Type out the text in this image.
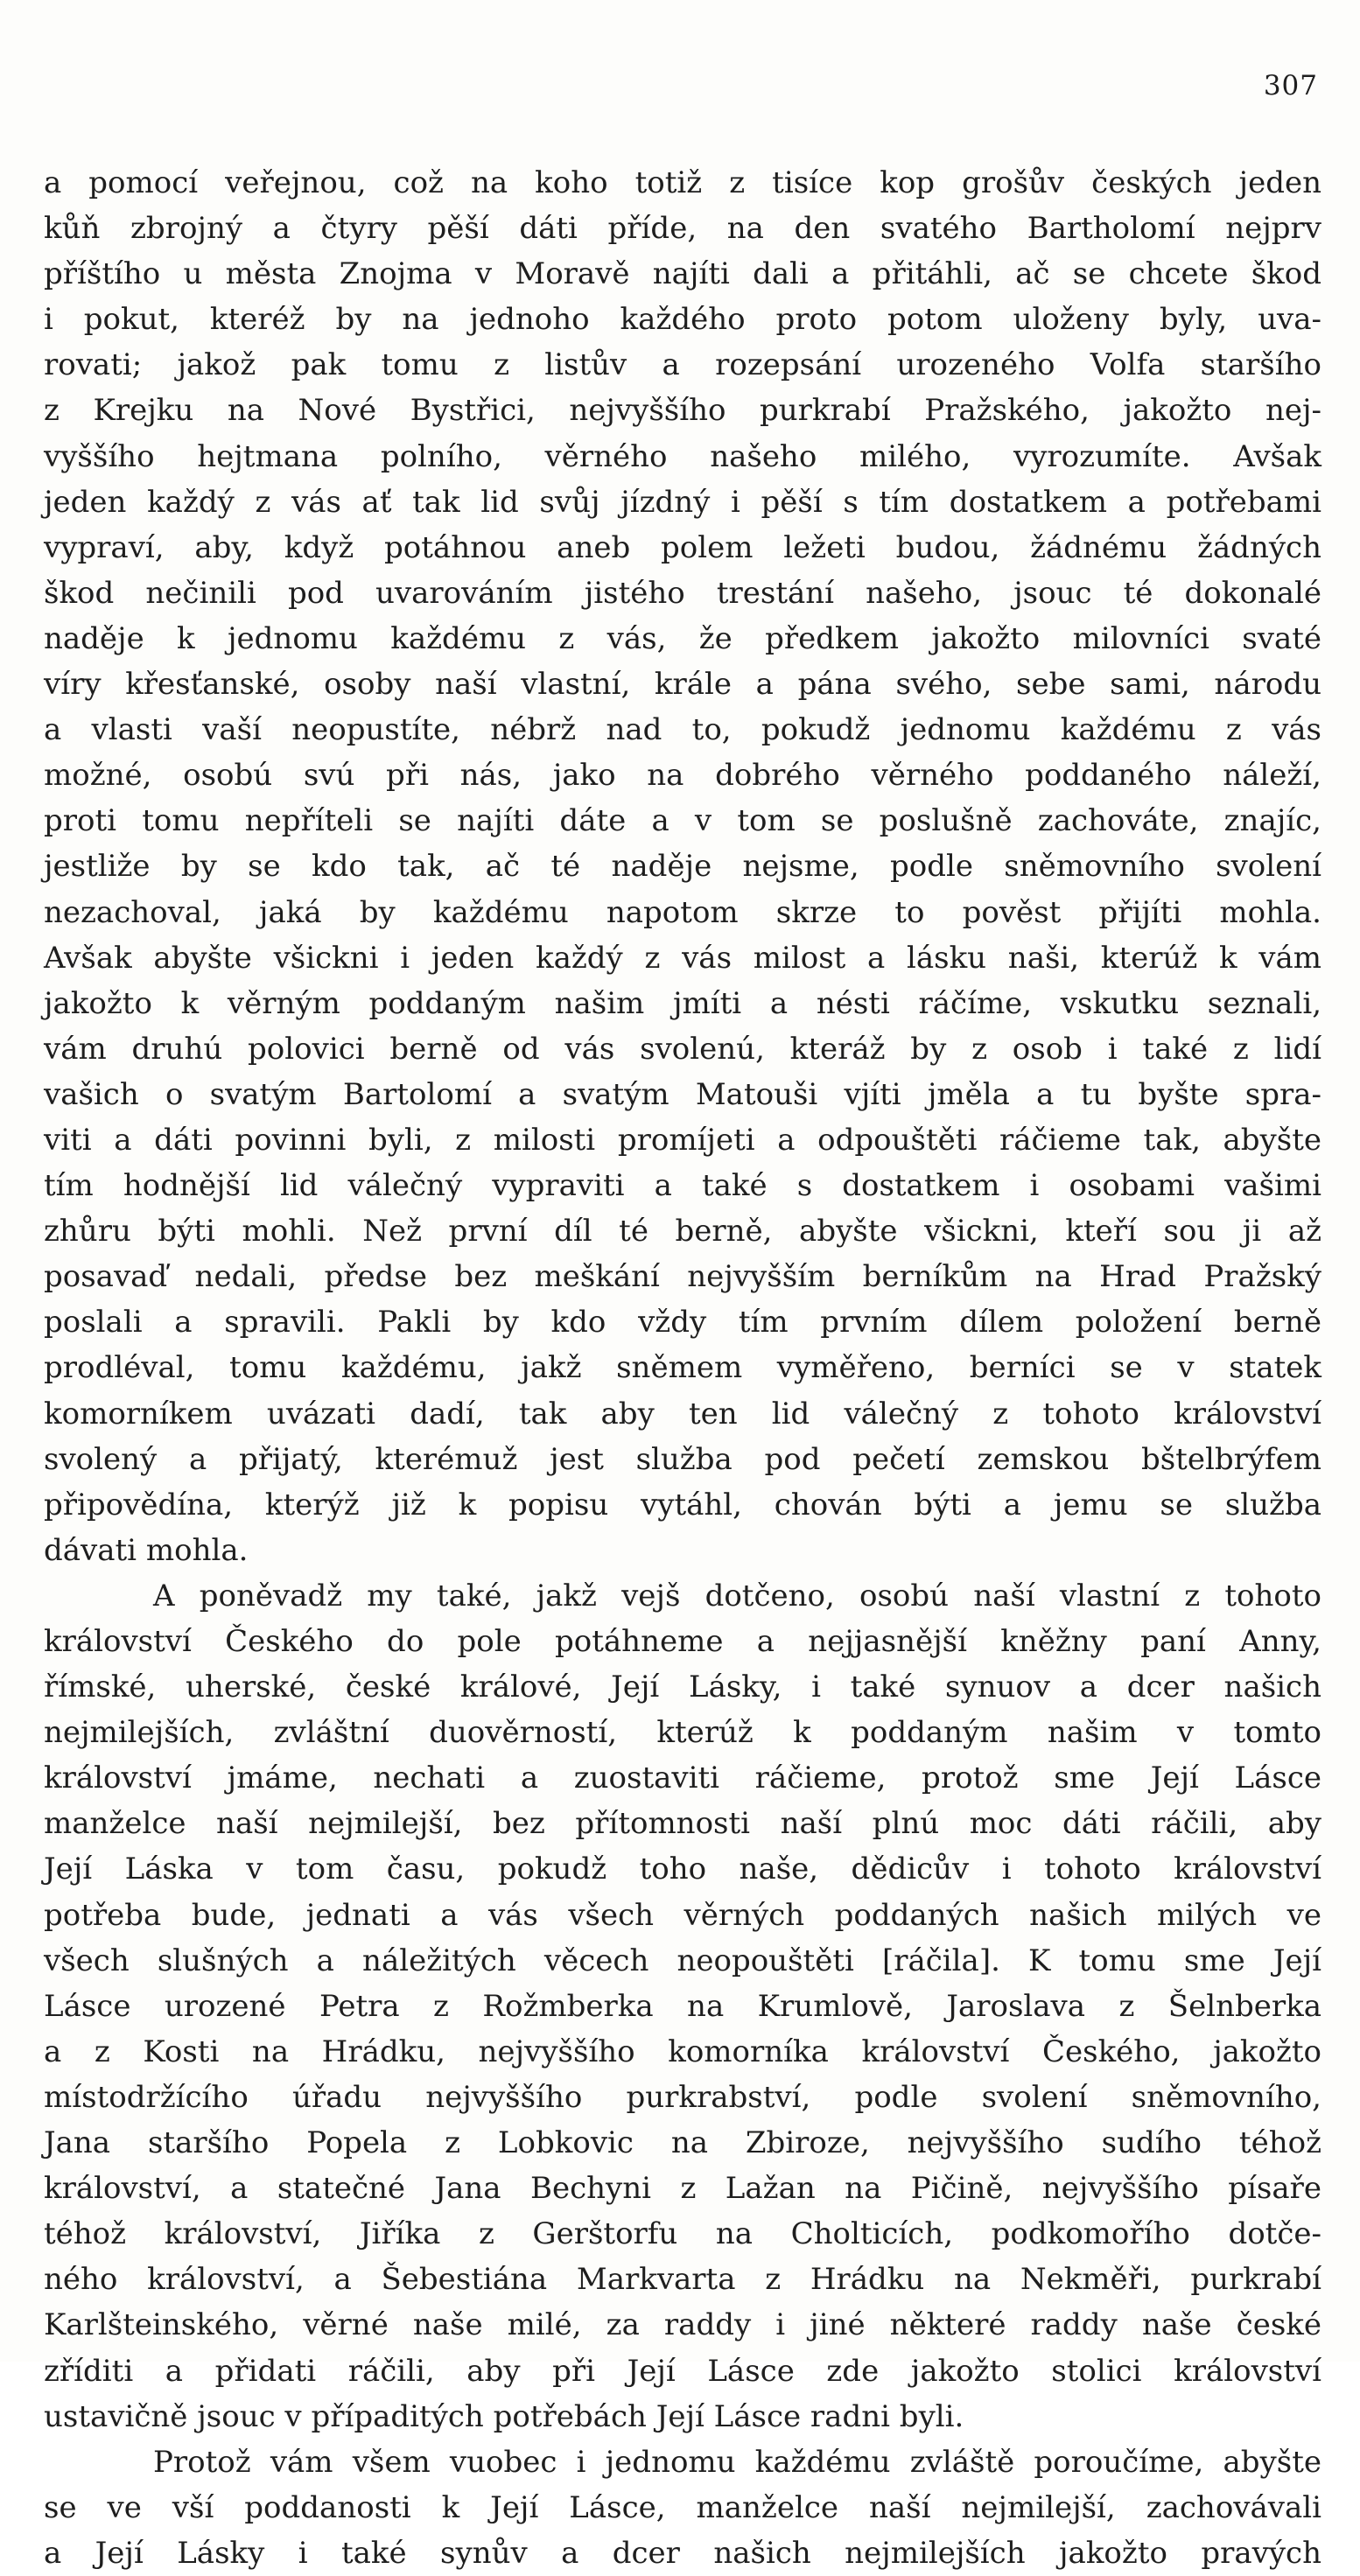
307
a pomocí veřejnou, což na koho totiž z tisíce kop grošův českých jeden
kůň zbrojný a čtyry pěší dáti příde, na den svatého Bartholomí nejprv
příštího u města Znojma v Moravě najíti dali a přitáhli, ač se chcete škod
i pokut, kteréž by na jednoho každého proto potom uloženy byly, uva-
rovati; jakož pak tomu z listův a rozepsání urozeného Volfa staršího
z Krejku na Nové Bystřici, nejvyššího purkrabí Pražského, jakožto nej-
vyššího hejtmana polního, věrného našeho milého, vyrozumíte. Avšak
jeden každý z vás ať tak lid svůj jízdný i pěší s tím dostatkem a potřebami
vypraví, aby, když potáhnou aneb polem ležeti budou, žádnému žádných
škod nečinili pod uvarováním jistého trestání našeho, jsouc té dokonalé
naděje k jednomu každému z vás, že předkem jakožto milovníci svaté
víry křesťanské, osoby naší vlastní, krále a pána svého, sebe sami, národu
a vlasti vaší neopustíte, nébrž nad to, pokudž jednomu každému z vás
možné, osobú svú při nás, jako na dobrého věrného poddaného náleží,
proti tomu nepříteli se najíti dáte a v tom se poslušně zachováte, znajíc,
jestliže by se kdo tak, ač té naděje nejsme, podle sněmovního svolení
nezachoval, jaká by každému napotom skrze to pověst přijíti mohla.
Avšak abyšte všickni i jeden každý z vás milost a lásku naši, kterúž k vám
jakožto k věrným poddaným našim jmíti a nésti ráčíme, vskutku seznali,
vám druhú polovici berně od vás svolenú, kteráž by z osob i také z lidí
vašich o svatým Bartolomí a svatým Matouši vjíti jměla a tu byšte spra-
viti a dáti povinni byli, z milosti promíjeti a odpouštěti ráčieme tak, abyšte
tím hodnější lid válečný vypraviti a také s dostatkem i osobami vašimi
zhůru býti mohli. Než první díl té berně, abyšte všickni, kteří sou ji až
posavaď nedali, předse bez meškání nejvyšším berníkům na Hrad Pražský
poslali a spravili. Pakli by kdo vždy tím prvním dílem položení berně
prodléval, tomu každému, jakž sněmem vyměřeno, berníci se v statek
komorníkem uvázati dadí, tak aby ten lid válečný z tohoto království
svolený a přijatý, kterémuž jest služba pod pečetí zemskou bštelbrýfem
připovědína, kterýž již k popisu vytáhl, chován býti a jemu se služba
dávati mohla.
A poněvadž my také, jakž vejš dotčeno, osobú naší vlastní z tohoto
království Českého do pole potáhneme a nejjasnější kněžny paní Anny,
římské, uherské, české králové, Její Lásky, i také synuov a dcer našich
nejmilejších, zvláštní duověrností, kterúž k poddaným našim v tomto
království jmáme, nechati a zuostaviti ráčieme, protož sme Její Lásce
manželce naší nejmilejší, bez přítomnosti naší plnú moc dáti ráčili, aby
Její Láska v tom času, pokudž toho naše, dědicův i tohoto království
potřeba bude, jednati a vás všech věrných poddaných našich milých ve
všech slušných a náležitých věcech neopouštěti [ráčila]. K tomu sme Její
Lásce urozené Petra z Rožmberka na Krumlově, Jaroslava z Šelnberka
a z Kosti na Hrádku, nejvyššího komorníka království Českého, jakožto
místodržícího úřadu nejvyššího purkrabství, podle svolení sněmovního,
Jana staršího Popela z Lobkovic na Zbiroze, nejvyššího sudího téhož
království, a statečné Jana Bechyni z Lažan na Pičině, nejvyššího písaře
téhož království, Jiříka z Gerštorfu na Cholticích, podkomořího dotče-
ného království, a Šebestiána Markvarta z Hrádku na Nekměři, purkrabí
Karlšteinského, věrné naše milé, za raddy i jiné některé raddy naše české
zříditi a přidati ráčili, aby při Její Lásce zde jakožto stolici království
ustavičně jsouc v případitých potřebách Její Lásce radni byli.
Protož vám všem vuobec i jednomu každému zvláště poroučíme, abyšte
se ve vší poddanosti k Její Lásce, manželce naší nejmilejší, zachovávali
a Její Lásky i také synův a dcer našich nejmilejších jakožto pravých
